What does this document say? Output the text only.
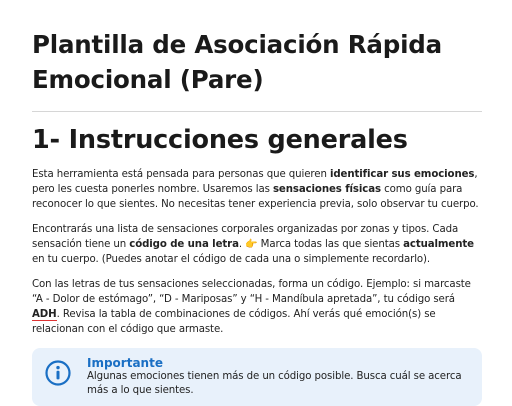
Plantilla de Asociación Rápida Emocional (Pare)
1- Instrucciones generales

Esta herramienta está pensada para personas que quieren identificar sus emociones, pero les cuesta ponerles nombre. Usaremos las sensaciones físicas como guía para reconocer lo que sientes. No necesitas tener experiencia previa, solo observar tu cuerpo.

Encontrarás una lista de sensaciones corporales organizadas por zonas y tipos. Cada sensación tiene un código de una letra. 👉 Marca todas las que sientas actualmente en tu cuerpo. (Puedes anotar el código de cada una o simplemente recordarlo).

Con las letras de tus sensaciones seleccionadas, forma un código. Ejemplo: si marcaste “A - Dolor de estómago”, “D - Mariposas” y “H - Mandíbula apretada”, tu código será ADH. Revisa la tabla de combinaciones de códigos. Ahí verás qué emoción(s) se relacionan con el código que armaste.

Importante
Algunas emociones tienen más de un código posible. Busca cuál se acerca más a lo que sientes.
